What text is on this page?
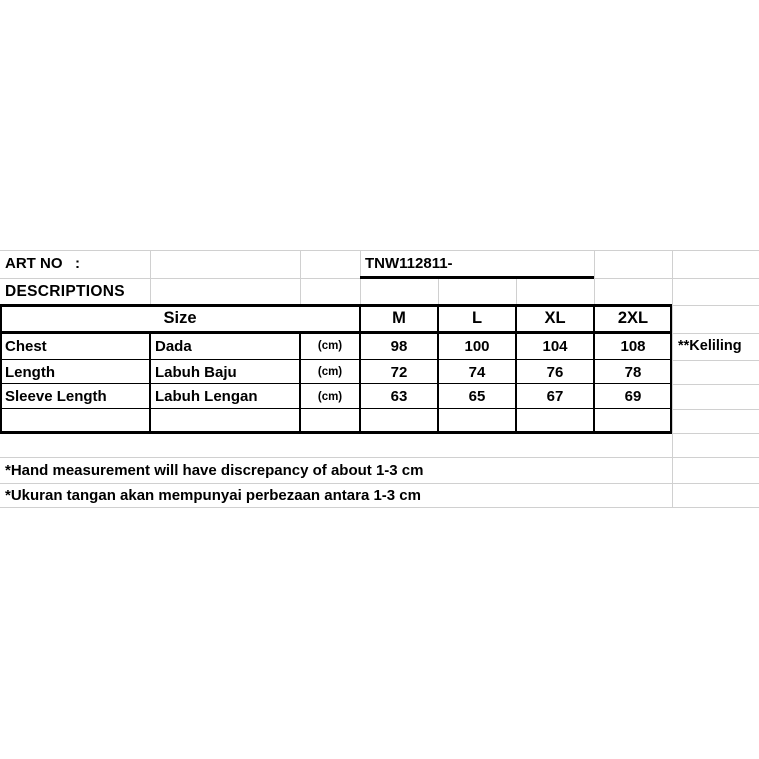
ART NO   :	TNW112811-
DESCRIPTIONS
Size	M	L	XL	2XL
Chest	Dada	(cm)	98	100	104	108	**Keliling
Length	Labuh Baju	(cm)	72	74	76	78
Sleeve Length	Labuh Lengan	(cm)	63	65	67	69
*Hand measurement will have discrepancy of about 1-3 cm
*Ukuran tangan akan mempunyai perbezaan antara 1-3 cm
